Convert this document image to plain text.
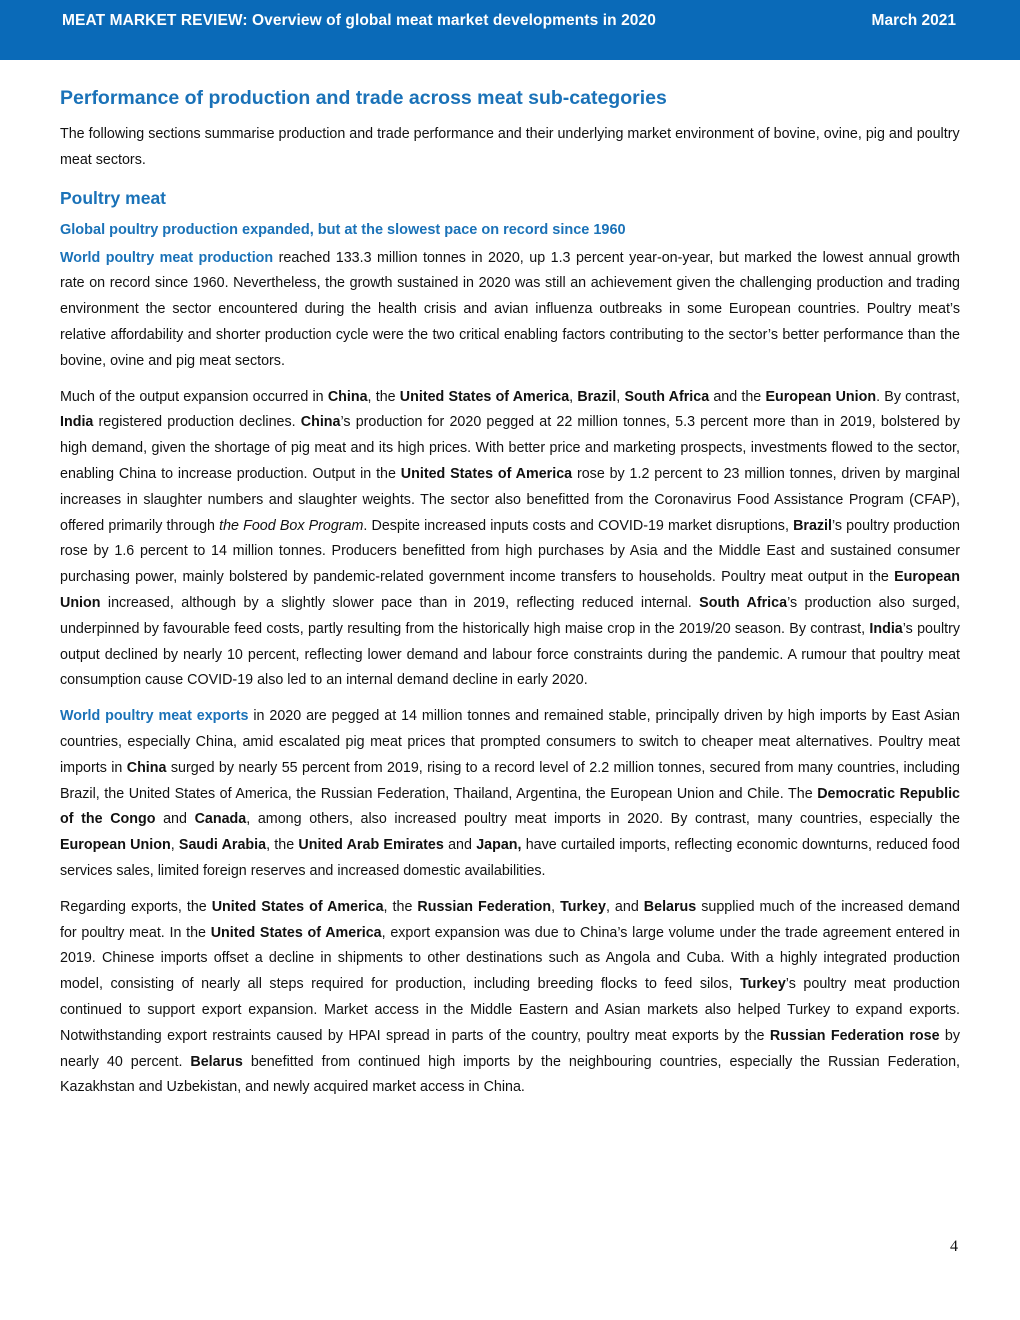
MEAT MARKET REVIEW: Overview of global meat market developments in 2020	March 2021
Performance of production and trade across meat sub-categories

The following sections summarise production and trade performance and their underlying market environment of bovine, ovine, pig and poultry meat sectors.

Poultry meat
Global poultry production expanded, but at the slowest pace on record since 1960

World poultry meat production reached 133.3 million tonnes in 2020, up 1.3 percent year-on-year, but marked the lowest annual growth rate on record since 1960. Nevertheless, the growth sustained in 2020 was still an achievement given the challenging production and trading environment the sector encountered during the health crisis and avian influenza outbreaks in some European countries. Poultry meat’s relative affordability and shorter production cycle were the two critical enabling factors contributing to the sector’s better performance than the bovine, ovine and pig meat sectors.

Much of the output expansion occurred in China, the United States of America, Brazil, South Africa and the European Union. By contrast, India registered production declines. China’s production for 2020 pegged at 22 million tonnes, 5.3 percent more than in 2019, bolstered by high demand, given the shortage of pig meat and its high prices. With better price and marketing prospects, investments flowed to the sector, enabling China to increase production. Output in the United States of America rose by 1.2 percent to 23 million tonnes, driven by marginal increases in slaughter numbers and slaughter weights. The sector also benefitted from the Coronavirus Food Assistance Program (CFAP), offered primarily through the Food Box Program. Despite increased inputs costs and COVID-19 market disruptions, Brazil’s poultry production rose by 1.6 percent to 14 million tonnes. Producers benefitted from high purchases by Asia and the Middle East and sustained consumer purchasing power, mainly bolstered by pandemic-related government income transfers to households. Poultry meat output in the European Union increased, although by a slightly slower pace than in 2019, reflecting reduced internal. South Africa’s production also surged, underpinned by favourable feed costs, partly resulting from the historically high maise crop in the 2019/20 season. By contrast, India’s poultry output declined by nearly 10 percent, reflecting lower demand and labour force constraints during the pandemic. A rumour that poultry meat consumption cause COVID-19 also led to an internal demand decline in early 2020.

World poultry meat exports in 2020 are pegged at 14 million tonnes and remained stable, principally driven by high imports by East Asian countries, especially China, amid escalated pig meat prices that prompted consumers to switch to cheaper meat alternatives. Poultry meat imports in China surged by nearly 55 percent from 2019, rising to a record level of 2.2 million tonnes, secured from many countries, including Brazil, the United States of America, the Russian Federation, Thailand, Argentina, the European Union and Chile. The Democratic Republic of the Congo and Canada, among others, also increased poultry meat imports in 2020. By contrast, many countries, especially the European Union, Saudi Arabia, the United Arab Emirates and Japan, have curtailed imports, reflecting economic downturns, reduced food services sales, limited foreign reserves and increased domestic availabilities.

Regarding exports, the United States of America, the Russian Federation, Turkey, and Belarus supplied much of the increased demand for poultry meat. In the United States of America, export expansion was due to China’s large volume under the trade agreement entered in 2019. Chinese imports offset a decline in shipments to other destinations such as Angola and Cuba. With a highly integrated production model, consisting of nearly all steps required for production, including breeding flocks to feed silos, Turkey’s poultry meat production continued to support export expansion. Market access in the Middle Eastern and Asian markets also helped Turkey to expand exports. Notwithstanding export restraints caused by HPAI spread in parts of the country, poultry meat exports by the Russian Federation rose by nearly 40 percent. Belarus benefitted from continued high imports by the neighbouring countries, especially the Russian Federation, Kazakhstan and Uzbekistan, and newly acquired market access in China.

4
